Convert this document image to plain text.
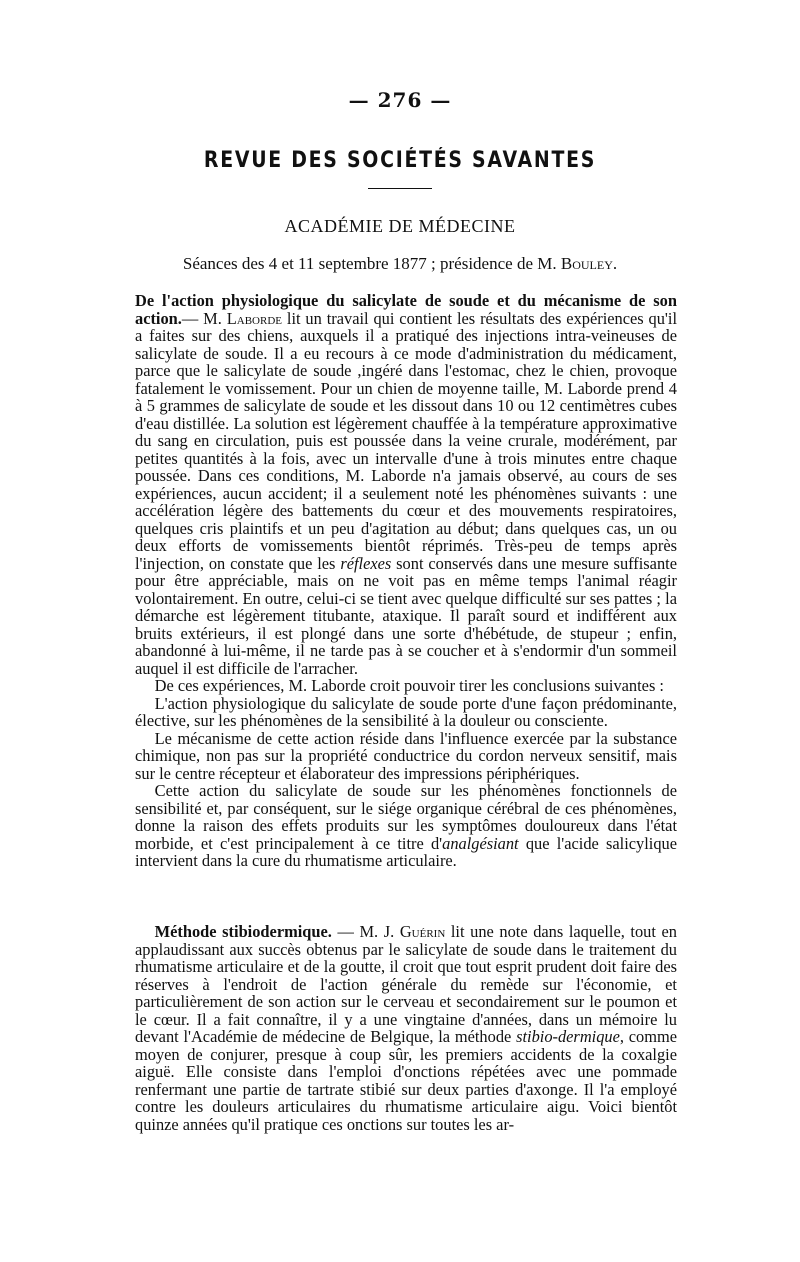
— 276 —
REVUE DES SOCIÉTÉS SAVANTES
ACADÉMIE DE MÉDECINE
Séances des 4 et 11 septembre 1877 ; présidence de M. Bouley.

De l'action physiologique du salicylate de soude et du mécanisme de son action.— M. Laborde lit un travail qui contient les résultats des expériences qu'il a faites sur des chiens, auxquels il a pratiqué des injections intra-veineuses de salicylate de soude. Il a eu recours à ce mode d'administration du médicament, parce que le salicylate de soude ,ingéré dans l'estomac, chez le chien, provoque fatalement le vomissement. Pour un chien de moyenne taille, M. Laborde prend 4 à 5 grammes de salicylate de soude et les dissout dans 10 ou 12 centimètres cubes d'eau distillée. La solution est légèrement chauffée à la température approximative du sang en circulation, puis est poussée dans la veine crurale, modérément, par petites quantités à la fois, avec un intervalle d'une à trois minutes entre chaque poussée. Dans ces conditions, M. Laborde n'a jamais observé, au cours de ses expériences, aucun accident; il a seulement noté les phénomènes suivants : une accélération légère des battements du cœur et des mouvements respiratoires, quelques cris plaintifs et un peu d'agitation au début; dans quelques cas, un ou deux efforts de vomissements bientôt réprimés. Très-peu de temps après l'injection, on constate que les réflexes sont conservés dans une mesure suffisante pour être appréciable, mais on ne voit pas en même temps l'animal réagir volontairement. En outre, celui-ci se tient avec quelque difficulté sur ses pattes ; la démarche est légèrement titubante, ataxique. Il paraît sourd et indifférent aux bruits extérieurs, il est plongé dans une sorte d'hébétude, de stupeur ; enfin, abandonné à lui-même, il ne tarde pas à se coucher et à s'endormir d'un sommeil auquel il est difficile de l'arracher.

De ces expériences, M. Laborde croit pouvoir tirer les conclusions suivantes :

L'action physiologique du salicylate de soude porte d'une façon prédominante, élective, sur les phénomènes de la sensibilité à la douleur ou consciente.

Le mécanisme de cette action réside dans l'influence exercée par la substance chimique, non pas sur la propriété conductrice du cordon nerveux sensitif, mais sur le centre récepteur et élaborateur des impressions périphériques.

Cette action du salicylate de soude sur les phénomènes fonctionnels de sensibilité et, par conséquent, sur le siége organique cérébral de ces phénomènes, donne la raison des effets produits sur les symptômes douloureux dans l'état morbide, et c'est principalement à ce titre d'analgésiant que l'acide salicylique intervient dans la cure du rhumatisme articulaire.

Méthode stibiodermique. — M. J. Guérin lit une note dans laquelle, tout en applaudissant aux succès obtenus par le salicylate de soude dans le traitement du rhumatisme articulaire et de la goutte, il croit que tout esprit prudent doit faire des réserves à l'endroit de l'action générale du remède sur l'économie, et particulièrement de son action sur le cerveau et secondairement sur le poumon et le cœur. Il a fait connaître, il y a une vingtaine d'années, dans un mémoire lu devant l'Académie de médecine de Belgique, la méthode stibio-dermique, comme moyen de conjurer, presque à coup sûr, les premiers accidents de la coxalgie aiguë. Elle consiste dans l'emploi d'onctions répétées avec une pommade renfermant une partie de tartrate stibié sur deux parties d'axonge. Il l'a employé contre les douleurs articulaires du rhumatisme articulaire aigu. Voici bientôt quinze années qu'il pratique ces onctions sur toutes les ar-
